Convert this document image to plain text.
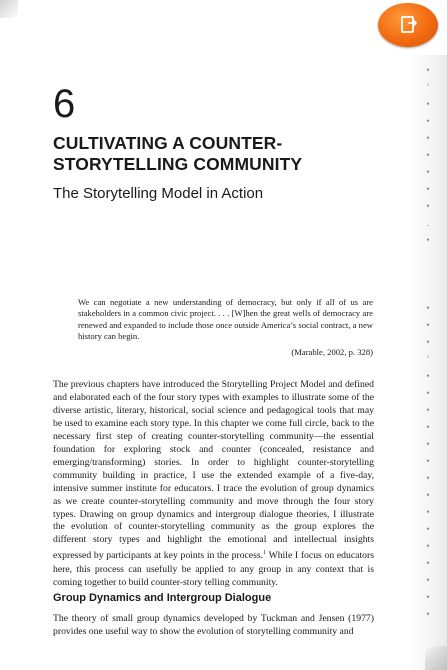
•
’
•
•
•
•
•
•
•
.
•

•
•
•
’
•
•
•
•
•
•
•
•
•
•
•
•
•
•
•
6
CULTIVATING A COUNTER-STORYTELLING COMMUNITY
The Storytelling Model in Action

We can negotiate a new understanding of democracy, but only if all of us are stakeholders in a common civic project. . . . [W]hen the great wells of democracy are renewed and expanded to include those once outside America’s social contract, a new history can begin.

(Marable, 2002, p. 328)

The previous chapters have introduced the Storytelling Project Model and defined and elaborated each of the four story types with examples to illustrate some of the diverse artistic, literary, historical, social science and pedagogical tools that may be used to examine each story type. In this chapter we come full circle, back to the necessary first step of creating counter-storytelling community—the essential foundation for exploring stock and counter (concealed, resistance and emerging/transforming) stories. In order to highlight counter-storytelling community building in practice, I use the extended example of a five-day, intensive summer institute for educators. I trace the evolution of group dynamics as we create counter-storytelling community and move through the four story types. Drawing on group dynamics and intergroup dialogue theories, I illustrate the evolution of counter-storytelling community as the group explores the different story types and highlight the emotional and intellectual insights expressed by participants at key points in the process.$^1$ While I focus on educators here, this process can usefully be applied to any group in any context that is coming together to build counter-story telling community.

Group Dynamics and Intergroup Dialogue

The theory of small group dynamics developed by Tuckman and Jensen (1977) provides one useful way to show the evolution of storytelling community and
